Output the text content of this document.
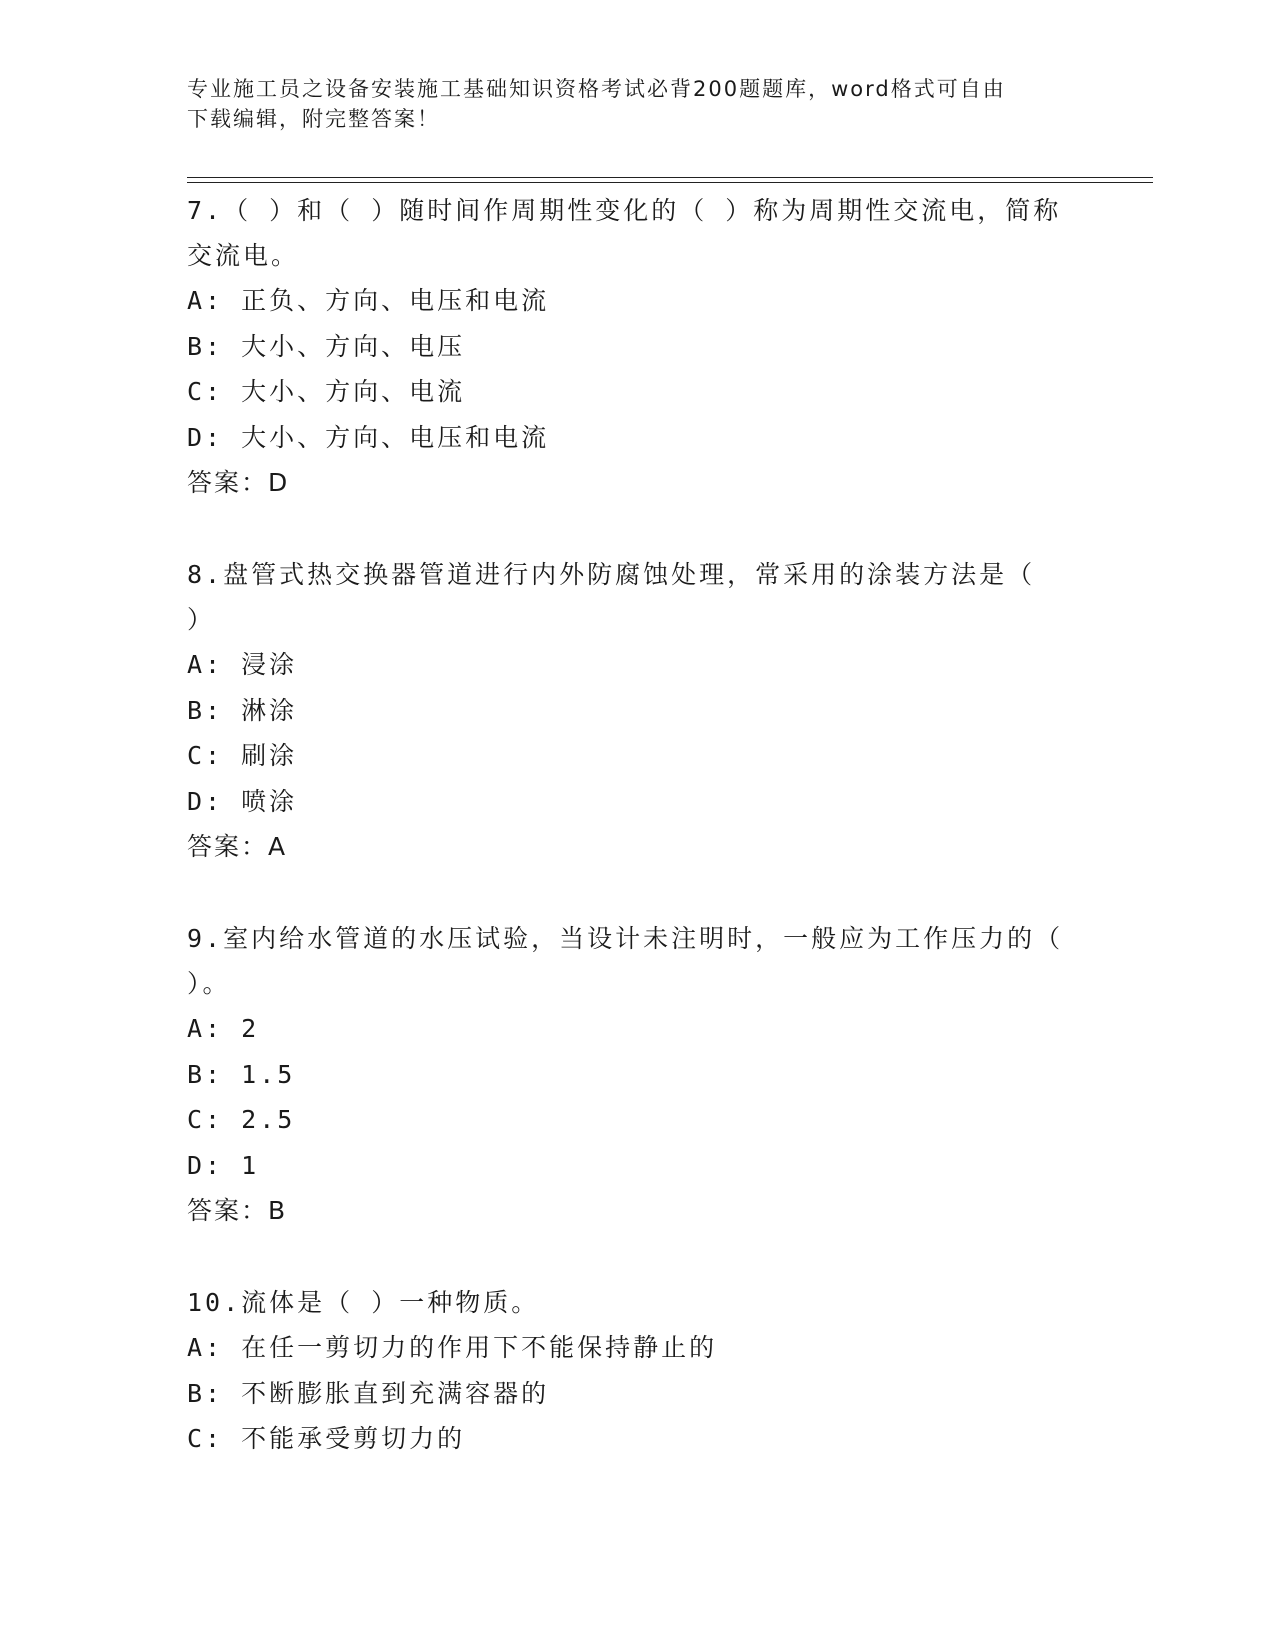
专业施工员之设备安装施工基础知识资格考试必背200题题库，word格式可自由
下载编辑，附完整答案！

7.（ ）和（ ）随时间作周期性变化的（ ）称为周期性交流电，简称交流电。

A: 正负、方向、电压和电流

B: 大小、方向、电压

C: 大小、方向、电流

D: 大小、方向、电压和电流

答案：D

8.盘管式热交换器管道进行内外防腐蚀处理，常采用的涂装方法是（ ）

A: 浸涂

B: 淋涂

C: 刷涂

D: 喷涂

答案：A

9.室内给水管道的水压试验，当设计未注明时，一般应为工作压力的（ ）。

A: 2

B: 1.5

C: 2.5

D: 1

答案：B

10.流体是（ ）一种物质。

A: 在任一剪切力的作用下不能保持静止的

B: 不断膨胀直到充满容器的

C: 不能承受剪切力的
